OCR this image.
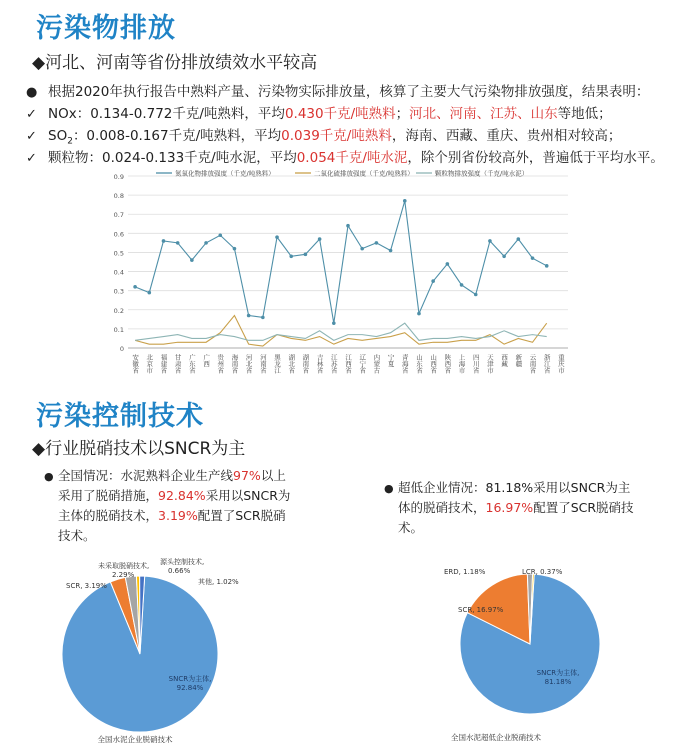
污染物排放
◆河北、河南等省份排放绩效水平较高
● 根据2020年执行报告中熟料产量、污染物实际排放量，核算了主要大气污染物排放强度，结果表明：
✓ NOx：0.134-0.772千克/吨熟料，平均0.430千克/吨熟料；河北、河南、江苏、山东等地低；
✓ $SO_2$：0.008-0.167千克/吨熟料，平均0.039千克/吨熟料，海南、西藏、重庆、贵州相对较高；
✓ 颗粒物：0.024-0.133千克/吨水泥，平均0.054千克/吨水泥，除个别省份较高外，普遍低于平均水平。
0.9
0.8
0.7
0.6
0.5
0.4
0.3
0.2
0.1
0
安徽省 北京市 福建省 甘肃省 广东省 广西 贵州省 海南省 河北省 河南省 黑龙江 湖北省 湖南省 吉林省 江苏省 江西省 辽宁省 内蒙古 宁夏 青海省 山东省 山西省 陕西省 上海市 四川省 天津市 西藏 新疆 云南省 浙江省 重庆市
氮氧化物排放强度（千克/吨熟料）	二氧化硫排放强度（千克/吨熟料）	颗粒物排放强度（千克/吨水泥）
污染控制技术
◆行业脱硝技术以SNCR为主
全国情况：水泥熟料企业生产线97%以上采用了脱硝措施，92.84%采用以SNCR为主体的脱硝技术，3.19%配置了SCR脱硝技术。
●
超低企业情况：81.18%采用以SNCR为主体的脱硝技术，16.97%配置了SCR脱硝技术。
●
SNCR为主体,
92.84%
SCR, 3.19%
未采取脱硝技术,
2.29%
源头控制技术,
0.66%
其他, 1.02%
全国水泥企业脱硝技术
SNCR为主体,
81.18%
SCR, 16.97%
ERD, 1.18%	LCR, 0.37%
全国水泥超低企业脱硝技术
